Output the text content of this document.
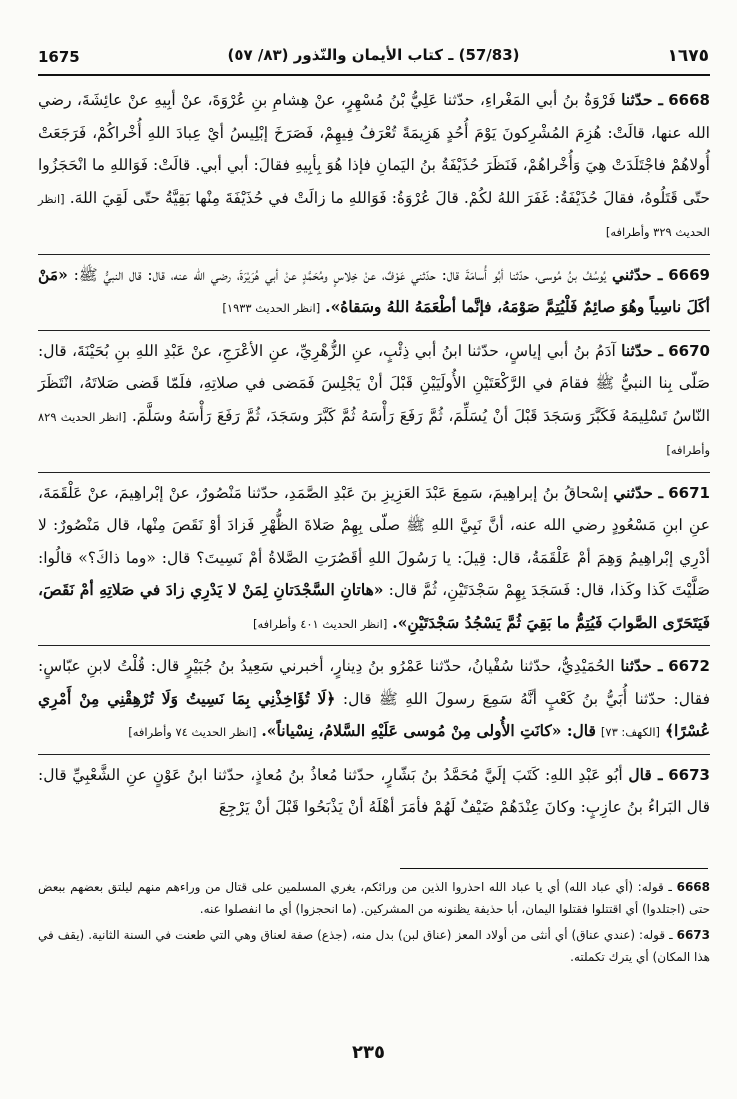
1675	(57/83) ـ كتاب الأيمان والنّذور (٨٣/ ٥٧)	١٦٧٥

6668 ـ حدّثنا فَرْوَةُ بنُ أبي المَغْراءِ، حدّثنا عَلِيُّ بْنُ مُسْهِرٍ، عنْ هِشامِ بنِ عُرْوَةَ، عنْ أبِيهِ عنْ عائِشَةَ، رضي الله عنها، قالَتْ: هُزِمَ المُشْرِكونَ يَوْمَ أُحُدٍ هَزِيمَةً تُعْرَفُ فِيهِمْ، فَصَرَخَ إبْلِيسُ أيْ عِبادَ اللهِ أُخْراكُمْ، فَرَجَعَتْ أُولاهُمْ فاجْتَلَدَتْ هِيَ وَأُخْراهُمْ، فَنَظَرَ حُذَيْفَةُ بنُ اليَمانِ فإذا هُوَ بِأبِيهِ فقالَ: أبي أبي. قالَتْ: فَوَاللهِ ما انْحَجَزُوا حتّى قَتَلُوهُ، فقالَ حُذَيْفَةُ: غَفَرَ اللهُ لكُمْ. قالَ عُرْوَةُ: فَوَاللهِ ما زالَتْ في حُذَيْفَةَ مِنْها بَقِيَّةُ حتّى لَقِيَ اللهَ. [انظر الحديث ٣٢٩ وأطرافه]

6669 ـ حدّثني يُوسُفُ بنُ مُوسى، حدّثنا أبُو أُسامَةَ قال: حدّثني عَوْفٌ، عنْ خِلاسٍ ومُحَمَّدٍ عنْ أبي هُرَيْرَةَ، رضي الله عنه، قال: قال النبيُّ ﷺ: «مَنْ أكَلَ ناسِياً وهُوَ صائِمٌ فَلْيُتِمَّ صَوْمَهُ، فإنَّما أطْعَمَهُ اللهُ وسَقاهُ». [انظر الحديث ١٩٣٣]

6670 ـ حدّثنا آدَمُ بنُ أبي إياسٍ، حدّثنا ابنُ أبي ذِئْبٍ، عنِ الزُّهْرِيِّ، عنِ الأعْرَجِ، عنْ عَبْدِ اللهِ بنِ بُحَيْنَةَ، قال: صَلّى بِنا النبيُّ ﷺ فقامَ في الرَّكْعَتَيْنِ الأُولَيَيْنِ قَبْلَ أنْ يَجْلِسَ فَمَضى في صلاتِهِ، فلَمّا قَضى صَلاتَهُ، انْتَظَرَ النّاسُ تَسْلِيمَهُ فَكَبَّرَ وَسَجَدَ قَبْلَ أنْ يُسَلِّمَ، ثُمَّ رَفَعَ رَأْسَهُ ثُمَّ كَبَّرَ وسَجَدَ، ثُمَّ رَفَعَ رَأْسَهُ وسَلَّمَ. [انظر الحديث ٨٢٩ وأطرافه]

6671 ـ حدّثني إسْحاقُ بنُ إبراهِيمَ، سَمِعَ عَبْدَ العَزِيزِ بنَ عَبْدِ الصَّمَدِ، حدّثنا مَنْصُورٌ، عنْ إبْراهِيمَ، عنْ عَلْقَمَةَ، عنِ ابنِ مَسْعُودٍ رضي الله عنه، أنَّ نَبِيَّ اللهِ ﷺ صلّى بِهِمْ صَلاةَ الظُّهْرِ فَزادَ أوْ نَقَصَ مِنْها، قال مَنْصُورٌ: لا أدْرِي إبْراهِيمُ وَهِمَ أمْ عَلْقَمَةُ، قال: قِيلَ: يا رَسُولَ اللهِ أقَصُرَتِ الصَّلاةُ أمْ نَسِيتَ؟ قال: «وما ذاكَ؟» قالُوا: صَلَّيْتَ كَذا وكَذا، قال: فَسَجَدَ بِهِمْ سَجْدَتَيْنِ، ثُمَّ قال: «هاتانِ السَّجْدَتانِ لِمَنْ لا يَدْرِي زادَ في صَلاتِهِ أمْ نَقَصَ، فَيَتَحَرّى الصَّوابَ فَيُتِمُّ ما بَقِيَ ثُمَّ يَسْجُدُ سَجْدَتَيْنِ». [انظر الحديث ٤٠١ وأطرافه]

6672 ـ حدّثنا الحُمَيْدِيُّ، حدّثنا سُفْيانُ، حدّثنا عَمْرُو بنُ دِينارٍ، أخبرني سَعِيدُ بنُ جُبَيْرٍ قال: قُلْتُ لابنِ عبّاسٍ: فقال: حدّثنا أُبَيُّ بنُ كَعْبٍ أنَّهُ سَمِعَ رسولَ اللهِ ﷺ قال: ﴿لَا تُؤَاخِذْنِي بِمَا نَسِيتُ وَلَا تُرْهِقْنِي مِنْ أَمْرِي عُسْرًا﴾ [الكهف: ٧٣] قال: «كانَتِ الأُولى مِنْ مُوسى عَلَيْهِ السَّلامُ، نِسْياناً». [انظر الحديث ٧٤ وأطرافه]

6673 ـ قال أبُو عَبْدِ اللهِ: كَتَبَ إلَيَّ مُحَمَّدُ بنُ بَشّارٍ، حدّثنا مُعاذُ بنُ مُعاذٍ، حدّثنا ابنُ عَوْنٍ عنِ الشَّعْبِيِّ قال: قال البَراءُ بنُ عازِبٍ: وكانَ عِنْدَهُمْ ضَيْفٌ لَهُمْ فأمَرَ أهْلَهُ أنْ يَذْبَحُوا قَبْلَ أنْ يَرْجِعَ

6668 ـ قوله: (أي عباد الله) أي يا عباد الله احذروا الذين من ورائكم، يغري المسلمين على قتال من وراءهم منهم ليلتق بعضهم ببعض حتى (اجتلدوا) أي اقتتلوا فقتلوا اليمان، أبا حذيفة يظنونه من المشركين. (ما انحجزوا) أي ما انفصلوا عنه.

6673 ـ قوله: (عندي عناق) أي أنثى من أولاد المعز (عناق لبن) بدل منه، (جذع) صفة لعناق وهي التي طعنت في السنة الثانية. (يقف في هذا المكان) أي يترك تكملته.

٢٣٥
